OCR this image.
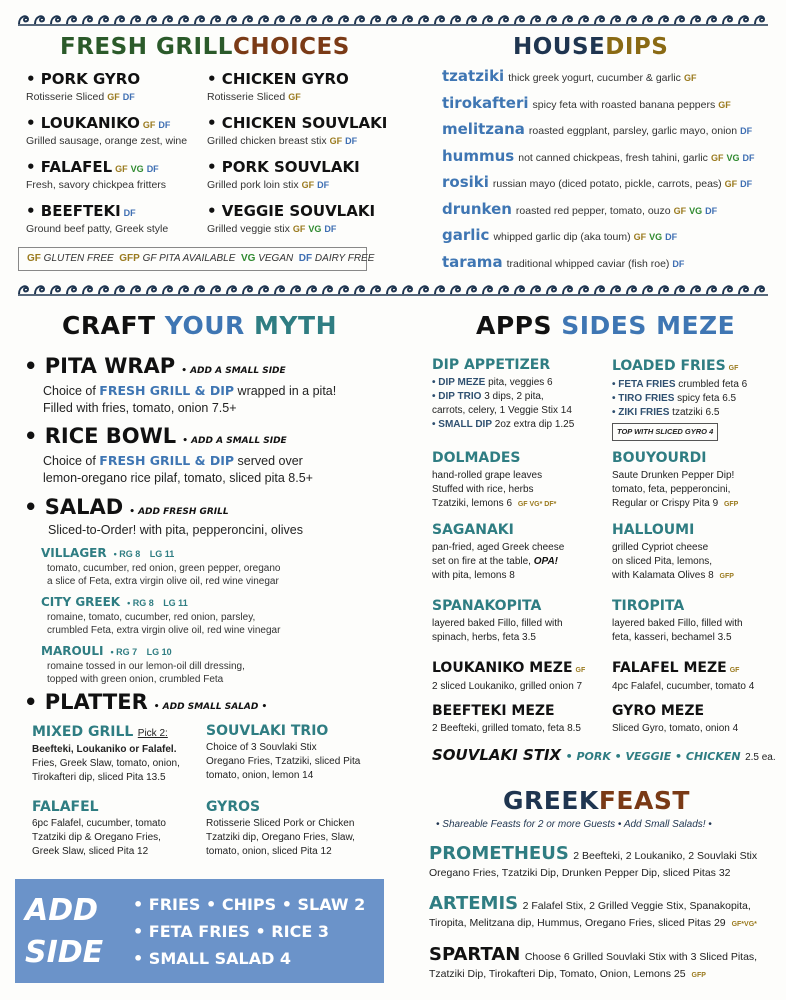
FRESH GRILLCHOICES
• PORK GYRO
Rotisserie Sliced GF DF
• LOUKANIKO GF DF
Grilled sausage, orange zest, wine
• FALAFEL GF VG DF
Fresh, savory chickpea fritters
• BEEFTEKI DF
Ground beef patty, Greek style
• CHICKEN GYRO
Rotisserie Sliced GF
• CHICKEN SOUVLAKI
Grilled chicken breast stix GF DF
• PORK SOUVLAKI
Grilled pork loin stix GF DF
• VEGGIE SOUVLAKI
Grilled veggie stix GF VG DF
GF GLUTEN FREE GFP GF PITA AVAILABLE VG VEGAN DF DAIRY FREE
HOUSEDIPS
tzatziki thick greek yogurt, cucumber & garlic GF
tirokafteri spicy feta with roasted banana peppers GF
melitzana roasted eggplant, parsley, garlic mayo, onion DF
hummus not canned chickpeas, fresh tahini, garlic GF VG DF
rosiki russian mayo (diced potato, pickle, carrots, peas) GF DF
drunken roasted red pepper, tomato, ouzo GF VG DF
garlic whipped garlic dip (aka toum) GF VG DF
tarama traditional whipped caviar (fish roe) DF
CRAFT YOUR MYTH
• PITA WRAP • ADD A SMALL SIDE
Choice of FRESH GRILL & DIP wrapped in a pita!
Filled with fries, tomato, onion 7.5+
• RICE BOWL • ADD A SMALL SIDE
Choice of FRESH GRILL & DIP served over
lemon-oregano rice pilaf, tomato, sliced pita 8.5+
• SALAD • ADD FRESH GRILL
Sliced-to-Order! with pita, pepperoncini, olives
VILLAGER  • RG 8   LG 11
tomato, cucumber, red onion, green pepper, oregano
a slice of Feta, extra virgin olive oil, red wine vinegar
CITY GREEK  • RG 8   LG 11
romaine, tomato, cucumber, red onion, parsley,
crumbled Feta, extra virgin olive oil, red wine vinegar
MAROULI  • RG 7   LG 10
romaine tossed in our lemon-oil dill dressing,
topped with green onion, crumbled Feta
• PLATTER • ADD SMALL SALAD •
MIXED GRILL Pick 2:
Beefteki, Loukaniko or Falafel.
Fries, Greek Slaw, tomato, onion,
Tirokafteri dip, sliced Pita 13.5
SOUVLAKI TRIO
Choice of 3 Souvlaki Stix
Oregano Fries, Tzatziki, sliced Pita
tomato, onion, lemon 14
FALAFEL
6pc Falafel, cucumber, tomato
Tzatziki dip & Oregano Fries,
Greek Slaw, sliced Pita 12
GYROS
Rotisserie Sliced Pork or Chicken
Tzatziki dip, Oregano Fries, Slaw,
tomato, onion, sliced Pita 12
ADD
SIDE
• FRIES • CHIPS • SLAW 2
• FETA FRIES • RICE 3
• SMALL SALAD 4
APPS SIDES MEZE
DIP APPETIZER
• DIP MEZE pita, veggies 6
• DIP TRIO 3 dips, 2 pita,
carrots, celery, 1 Veggie Stix 14
• SMALL DIP 2oz extra dip 1.25
LOADED FRIES GF
• FETA FRIES crumbled feta 6
• TIRO FRIES spicy feta 6.5
• ZIKI FRIES tzatziki 6.5
TOP WITH SLICED GYRO 4
DOLMADES
hand-rolled grape leaves
Stuffed with rice, herbs
Tzatziki, lemons 6 GF VG* DF*
BOUYOURDI
Saute Drunken Pepper Dip!
tomato, feta, pepperoncini,
Regular or Crispy Pita 9 GFP
SAGANAKI
pan-fried, aged Greek cheese
set on fire at the table, OPA!
with pita, lemons 8
HALLOUMI
grilled Cypriot cheese
on sliced Pita, lemons,
with Kalamata Olives 8 GFP
SPANAKOPITA
layered baked Fillo, filled with
spinach, herbs, feta 3.5
TIROPITA
layered baked Fillo, filled with
feta, kasseri, bechamel 3.5
LOUKANIKO MEZE GF
2 sliced Loukaniko, grilled onion 7
FALAFEL MEZE GF
4pc Falafel, cucumber, tomato 4
BEEFTEKI MEZE
2 Beefteki, grilled tomato, feta 8.5
GYRO MEZE
Sliced Gyro, tomato, onion 4
SOUVLAKI STIX • PORK • VEGGIE • CHICKEN 2.5 ea.
GREEKFEAST
• Shareable Feasts for 2 or more Guests • Add Small Salads! •
PROMETHEUS 2 Beefteki, 2 Loukaniko, 2 Souvlaki Stix
Oregano Fries, Tzatziki Dip, Drunken Pepper Dip, sliced Pitas 32
ARTEMIS 2 Falafel Stix, 2 Grilled Veggie Stix, Spanakopita,
Tiropita, Melitzana dip, Hummus, Oregano Fries, sliced Pitas 29 GF*VG*
SPARTAN Choose 6 Grilled Souvlaki Stix with 3 Sliced Pitas,
Tzatziki Dip, Tirokafteri Dip, Tomato, Onion, Lemons 25 GFP
